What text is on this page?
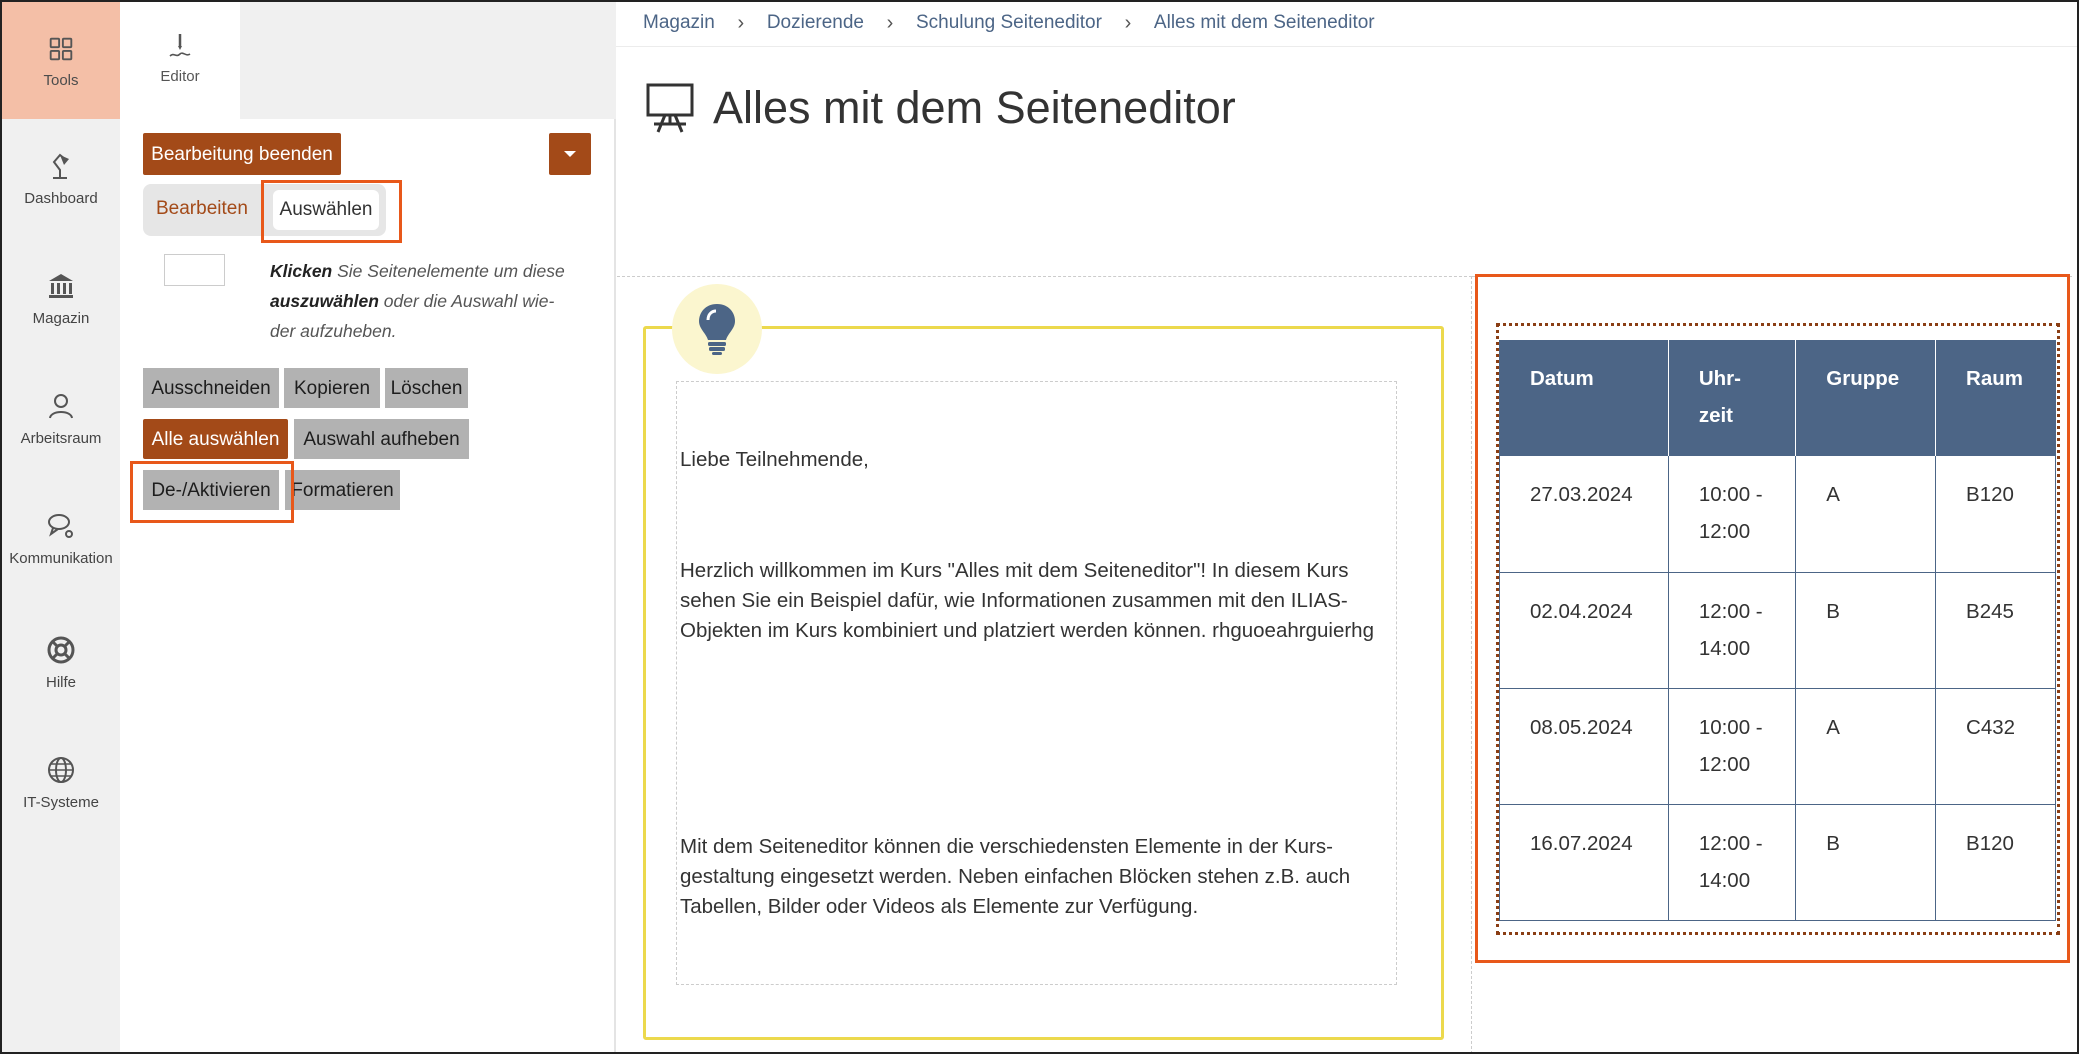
Tools
Dashboard
Magazin
Arbeitsraum
Kommunikation
Hilfe
IT-Systeme
Editor
Bearbeitung beenden
Bearbeiten	Auswählen

Klicken Sie Seitenelemente um diese auszuwählen oder die Auswahl wie-der aufzuheben.

Ausschneiden	Kopieren	Löschen
Alle auswählen	Auswahl aufheben
De-/Aktivieren	Formatieren
Magazin	›	Dozierende	›	Schulung Seiteneditor	›	Alles mit dem Seiteneditor
Alles mit dem Seiteneditor

Liebe Teilnehmende,

Herzlich willkommen im Kurs "Alles mit dem Seiteneditor"! In diesem Kurs sehen Sie ein Beispiel dafür, wie Informationen zusammen mit den ILIAS-Objekten im Kurs kombiniert und platziert werden können. rhguoeahrguierhg

Mit dem Seiteneditor können die verschiedensten Elemente in der Kurs-gestaltung eingesetzt werden. Neben einfachen Blöcken stehen z.B. auch Tabellen, Bilder oder Videos als Elemente zur Verfügung.

Datum	Uhr-zeit	Gruppe	Raum
27.03.2024	10:00 - 12:00	A	B120
02.04.2024	12:00 - 14:00	B	B245
08.05.2024	10:00 - 12:00	A	C432
16.07.2024	12:00 - 14:00	B	B120
